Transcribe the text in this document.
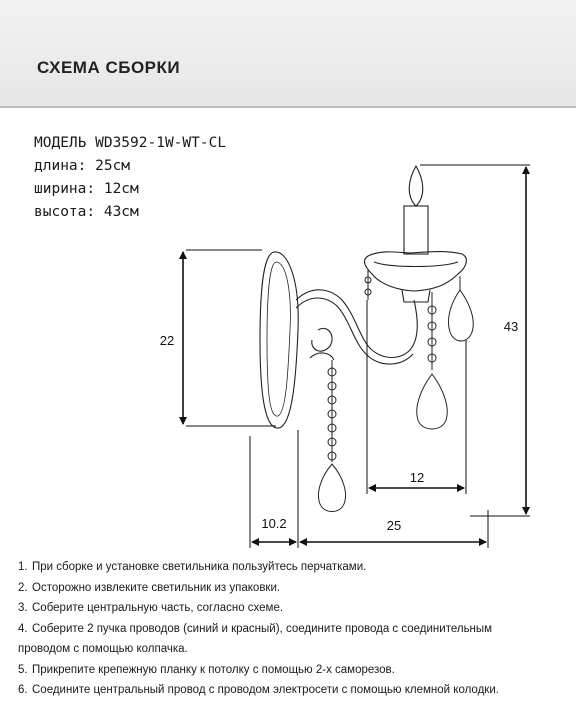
СХЕМА СБОРКИ
МОДЕЛЬ WD3592-1W-WT-CL
длина: 25см
ширина: 12см
высота: 43см
22
43
12
10.2	25
1. При сборке и установке светильника пользуйтесь перчатками.
2. Осторожно извлеките светильник из упаковки.
3. Соберите центральную часть, согласно схеме.
4. Соберите 2 пучка проводов (синий и красный), соедините провода с соединительным
проводом с помощью колпачка.
5. Прикрепите крепежную планку к потолку с помощью 2-х саморезов.
6. Соедините центральный провод с проводом электросети с помощью клемной колодки.
